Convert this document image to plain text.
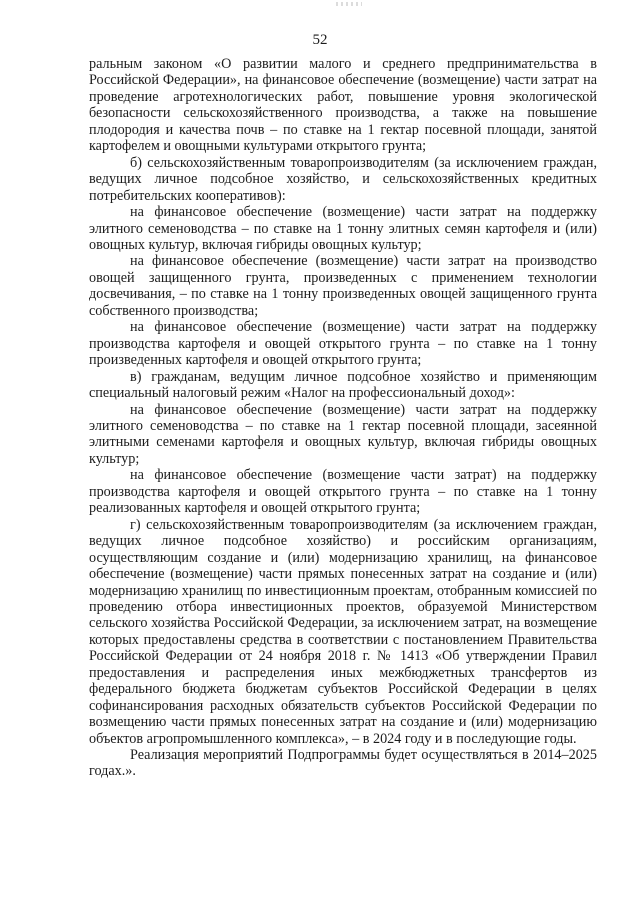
52

ральным законом «О развитии малого и среднего предпринимательства в Российской Федерации», на финансовое обеспечение (возмещение) части затрат на проведение агротехнологических работ, повышение уровня экологической безопасности сельскохозяйственного производства, а также на повышение плодородия и качества почв – по ставке на 1 гектар посевной площади, занятой картофелем и овощными культурами открытого грунта;

б) сельскохозяйственным товаропроизводителям (за исключением граждан, ведущих личное подсобное хозяйство, и сельскохозяйственных кредитных потребительских кооперативов):

на финансовое обеспечение (возмещение) части затрат на поддержку элитного семеноводства – по ставке на 1 тонну элитных семян картофеля и (или) овощных культур, включая гибриды овощных культур;

на финансовое обеспечение (возмещение) части затрат на производство овощей защищенного грунта, произведенных с применением технологии досвечивания, – по ставке на 1 тонну произведенных овощей защищенного грунта собственного производства;

на финансовое обеспечение (возмещение) части затрат на поддержку производства картофеля и овощей открытого грунта – по ставке на 1 тонну произведенных картофеля и овощей открытого грунта;

в) гражданам, ведущим личное подсобное хозяйство и применяющим специальный налоговый режим «Налог на профессиональный доход»:

на финансовое обеспечение (возмещение) части затрат на поддержку элитного семеноводства – по ставке на 1 гектар посевной площади, засеянной элитными семенами картофеля и овощных культур, включая гибриды овощных культур;

на финансовое обеспечение (возмещение части затрат) на поддержку производства картофеля и овощей открытого грунта – по ставке на 1 тонну реализованных картофеля и овощей открытого грунта;

г) сельскохозяйственным товаропроизводителям (за исключением граждан, ведущих личное подсобное хозяйство) и российским организациям, осуществляющим создание и (или) модернизацию хранилищ, на финансовое обеспечение (возмещение) части прямых понесенных затрат на создание и (или) модернизацию хранилищ по инвестиционным проектам, отобранным комиссией по проведению отбора инвестиционных проектов, образуемой Министерством сельского хозяйства Российской Федерации, за исключением затрат, на возмещение которых предоставлены средства в соответствии с постановлением Правительства Российской Федерации от 24 ноября 2018 г. № 1413 «Об утверждении Правил предоставления и распределения иных межбюджетных трансфертов из федерального бюджета бюджетам субъектов Российской Федерации в целях софинансирования расходных обязательств субъектов Российской Федерации по возмещению части прямых понесенных затрат на создание и (или) модернизацию объектов агропромышленного комплекса», – в 2024 году и в последующие годы.

Реализация мероприятий Подпрограммы будет осуществляться в 2014–2025 годах.».
